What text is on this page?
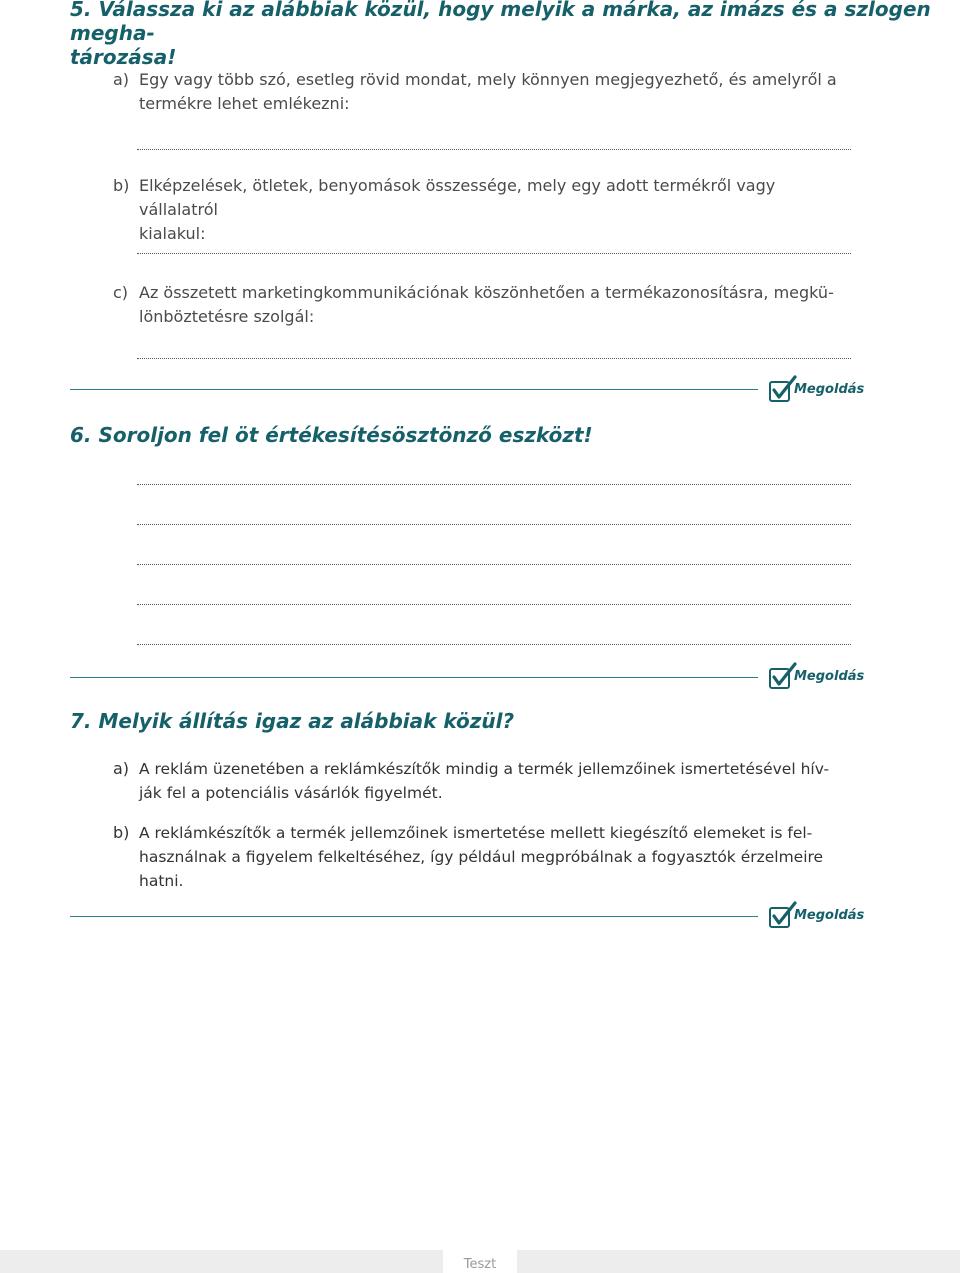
5. Válassza ki az alábbiak közül, hogy melyik a márka, az imázs és a szlogen megha-
tározása!
a) Egy vagy több szó, esetleg rövid mondat, mely könnyen megjegyezhető, és amelyről a
termékre lehet emlékezni:
b) Elképzelések, ötletek, benyomások összessége, mely egy adott termékről vagy vállalatról
kialakul:
c) Az összetett marketingkommunikációnak köszönhetően a termékazonosításra, megkü-
lönböztetésre szolgál:
Megoldás
6. Soroljon fel öt értékesítésösztönző eszközt!
Megoldás
7. Melyik állítás igaz az alábbiak közül?
a) A reklám üzenetében a reklámkészítők mindig a termék jellemzőinek ismertetésével hív-
ják fel a potenciális vásárlók figyelmét.
b) A reklámkészítők a termék jellemzőinek ismertetése mellett kiegészítő elemeket is fel-
használnak a figyelem felkeltéséhez, így például megpróbálnak a fogyasztók érzelmeire
hatni.
Megoldás
Teszt
